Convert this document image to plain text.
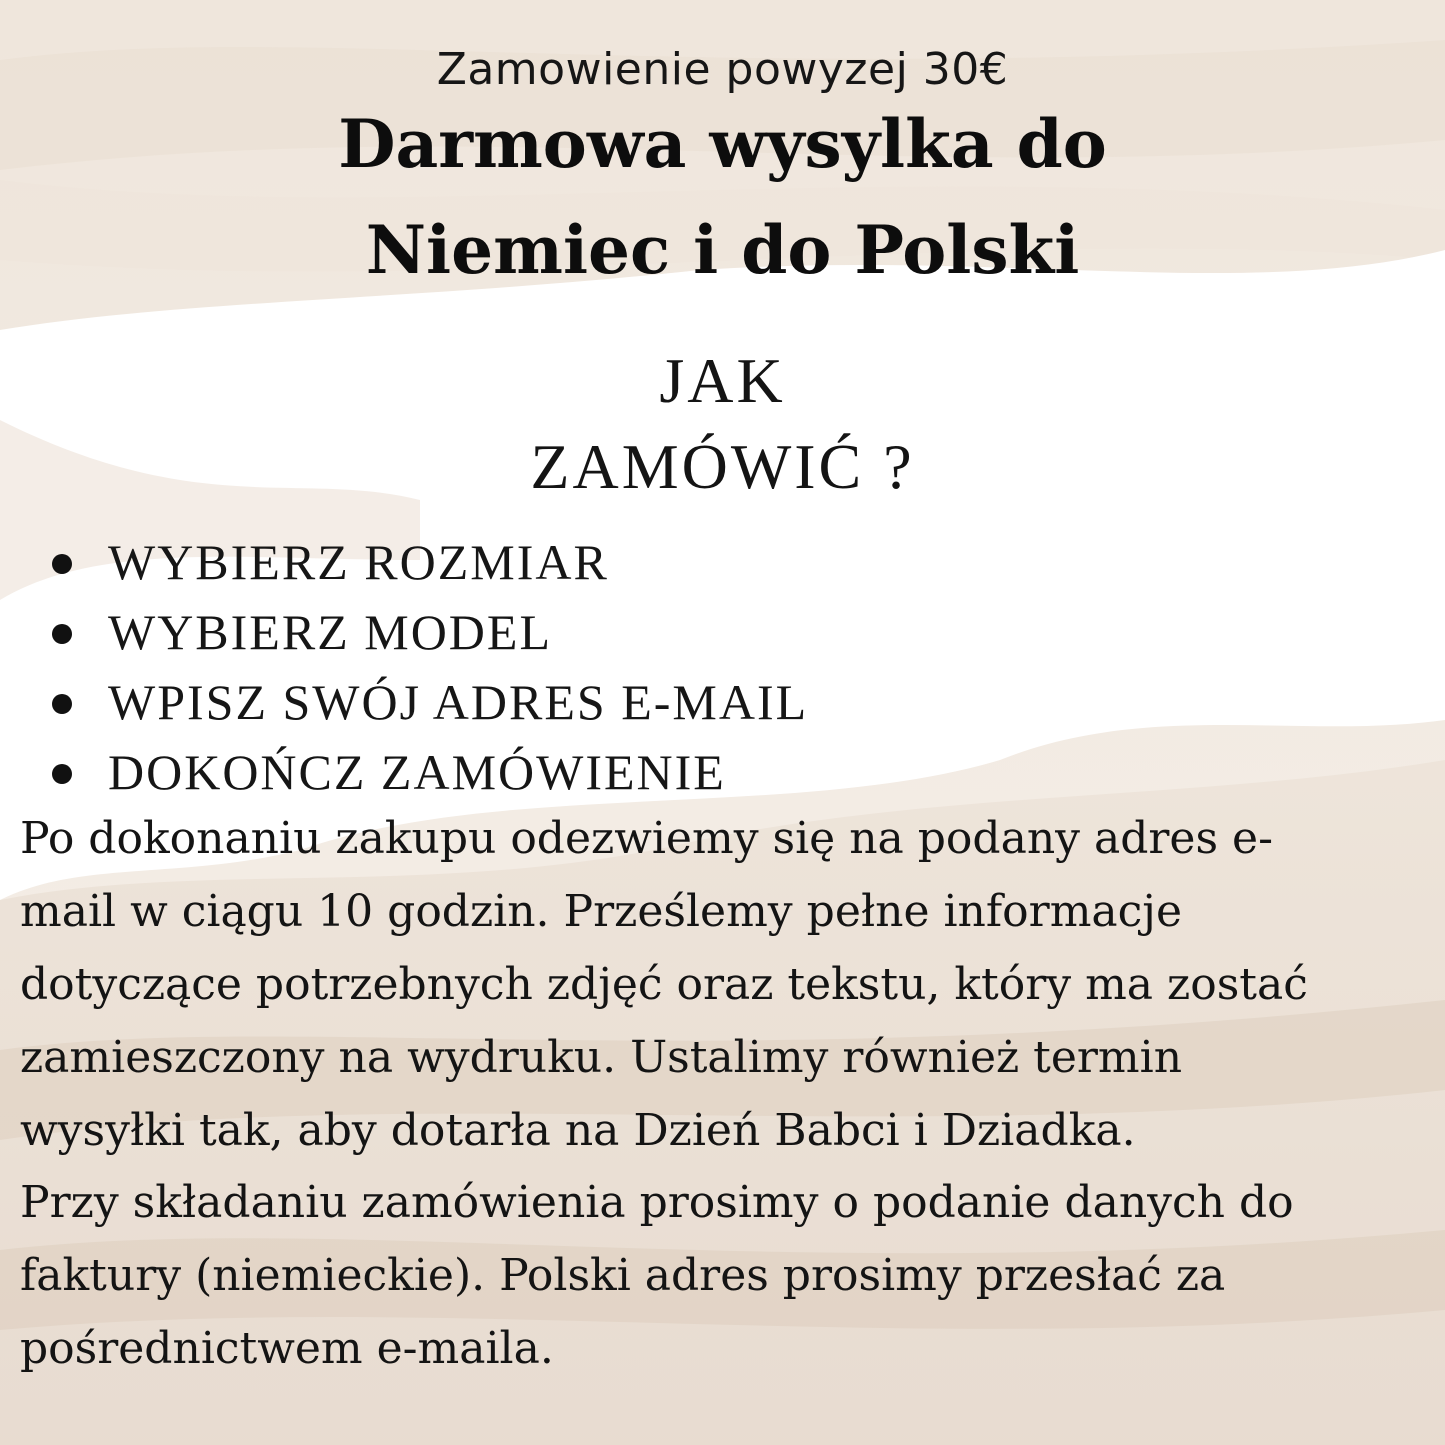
Zamowienie powyzej 30€
Darmowa wysylka do
Niemiec i do Polski
JAK
ZAMÓWIĆ ?
WYBIERZ ROZMIAR
WYBIERZ MODEL
WPISZ SWÓJ ADRES E-MAIL
DOKOŃCZ ZAMÓWIENIE
Po dokonaniu zakupu odezwiemy się na podany adres e-
mail w ciągu 10 godzin. Prześlemy pełne informacje
dotyczące potrzebnych zdjęć oraz tekstu, który ma zostać
zamieszczony na wydruku. Ustalimy również termin
wysyłki tak, aby dotarła na Dzień Babci i Dziadka.
Przy składaniu zamówienia prosimy o podanie danych do
faktury (niemieckie). Polski adres prosimy przesłać za
pośrednictwem e-maila.
